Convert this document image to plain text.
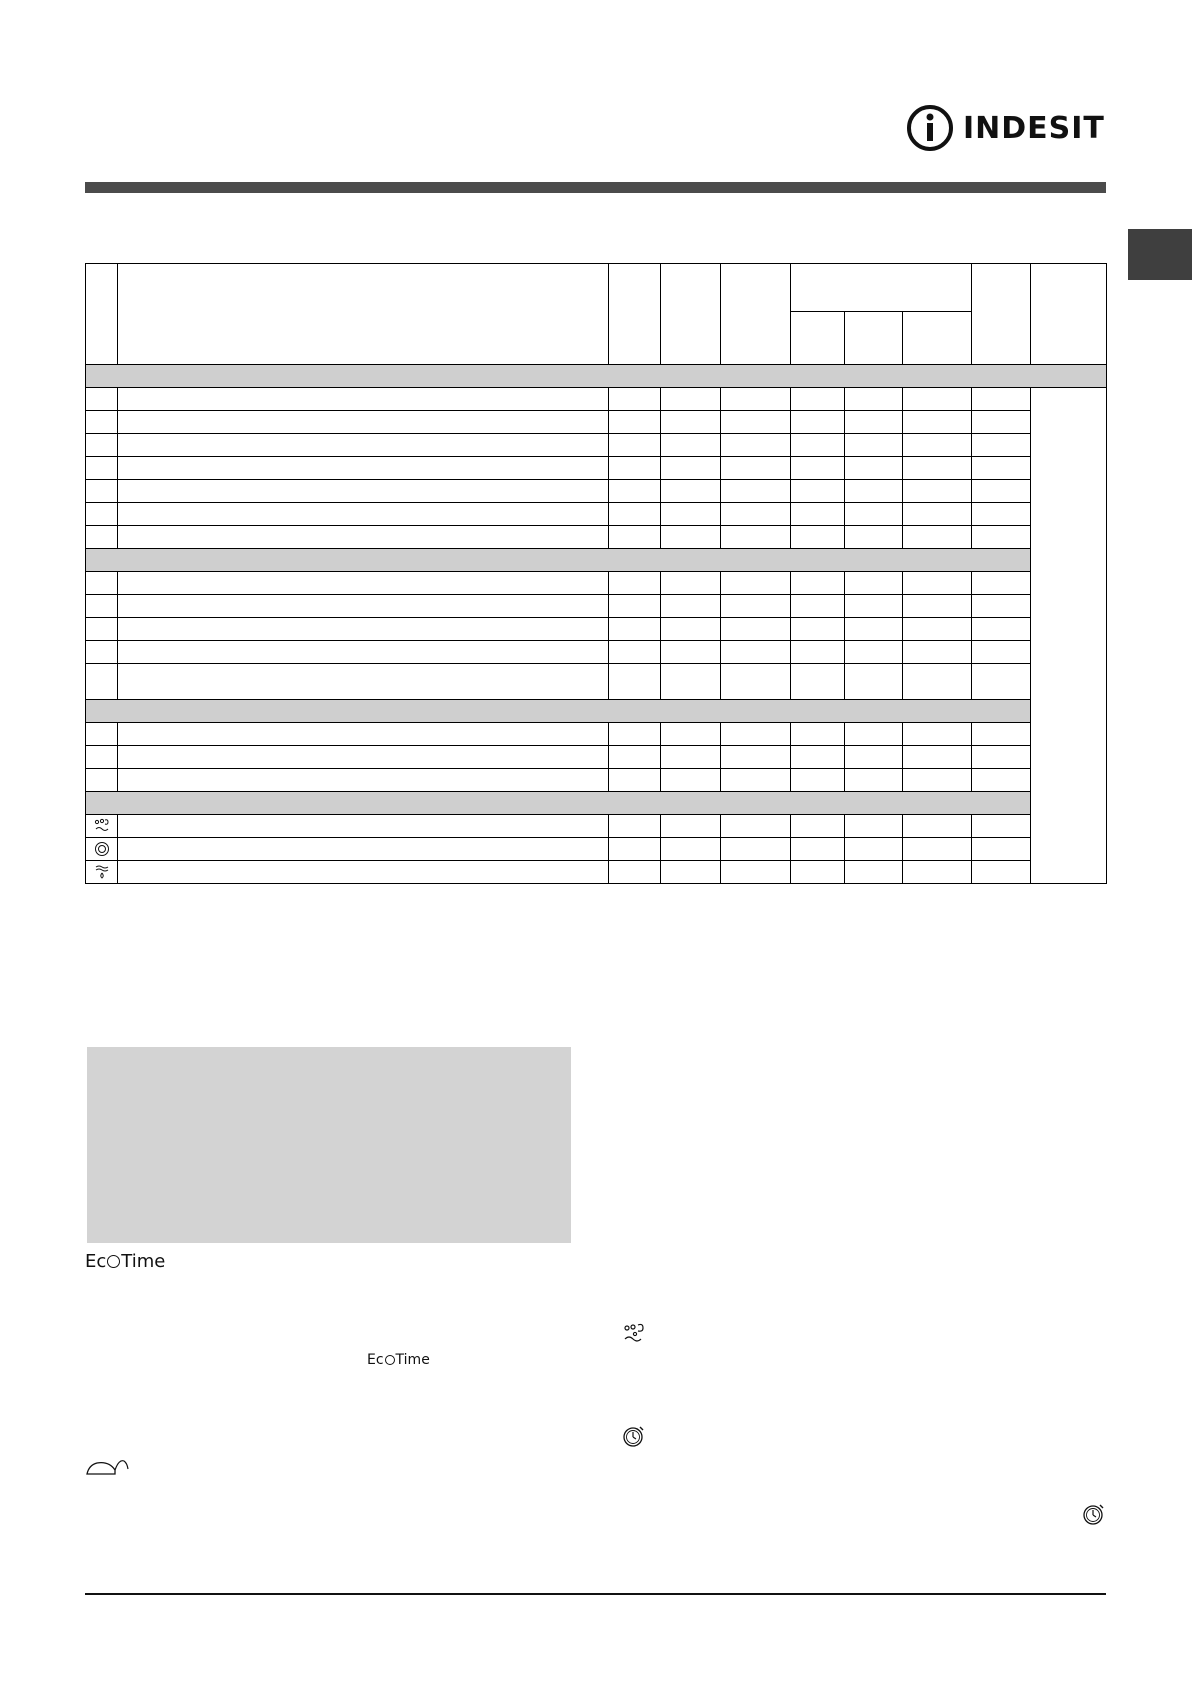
INDESIT

Ec Time
Ec Time
